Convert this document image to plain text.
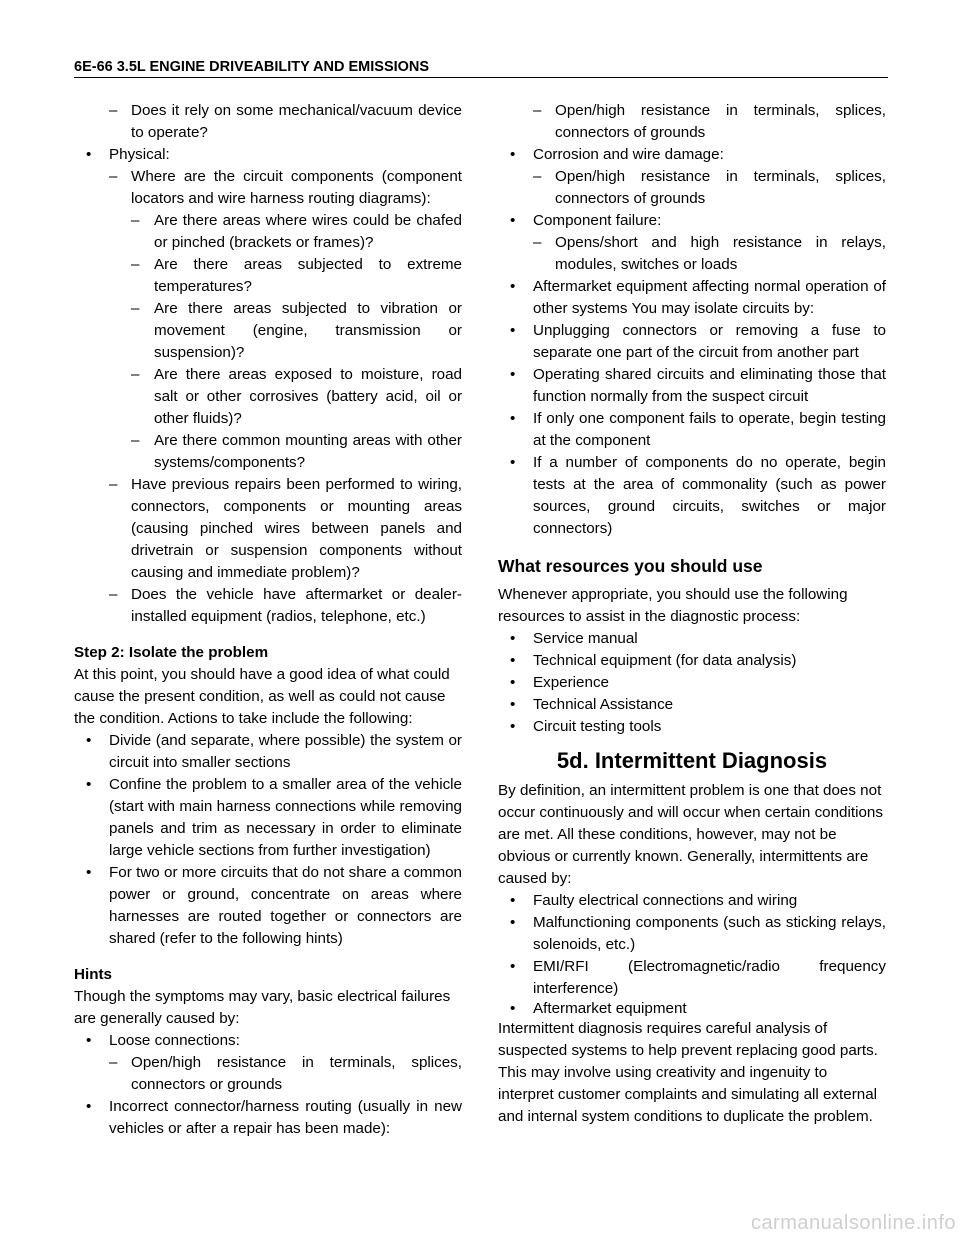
6E-66 3.5L ENGINE DRIVEABILITY AND EMISSIONS
– Does it rely on some mechanical/vacuum device to operate?
• Physical:
– Where are the circuit components (component locators and wire harness routing diagrams):
– Are there areas where wires could be chafed or pinched (brackets or frames)?
– Are there areas subjected to extreme temperatures?
– Are there areas subjected to vibration or movement (engine, transmission or suspension)?
– Are there areas exposed to moisture, road salt or other corrosives (battery acid, oil or other fluids)?
– Are there common mounting areas with other systems/components?
– Have previous repairs been performed to wiring, connectors, components or mounting areas (causing pinched wires between panels and drivetrain or suspension components without causing and immediate problem)?
– Does the vehicle have aftermarket or dealer-installed equipment (radios, telephone, etc.)

Step 2: Isolate the problem

At this point, you should have a good idea of what could cause the present condition, as well as could not cause the condition. Actions to take include the following:

• Divide (and separate, where possible) the system or circuit into smaller sections
• Confine the problem to a smaller area of the vehicle (start with main harness connections while removing panels and trim as necessary in order to eliminate large vehicle sections from further investigation)
• For two or more circuits that do not share a common power or ground, concentrate on areas where harnesses are routed together or connectors are shared (refer to the following hints)

Hints

Though the symptoms may vary, basic electrical failures are generally caused by:

• Loose connections:
– Open/high resistance in terminals, splices, connectors or grounds
• Incorrect connector/harness routing (usually in new vehicles or after a repair has been made):
– Open/high resistance in terminals, splices, connectors of grounds
• Corrosion and wire damage:
– Open/high resistance in terminals, splices, connectors of grounds
• Component failure:
– Opens/short and high resistance in relays, modules, switches or loads
• Aftermarket equipment affecting normal operation of other systems You may isolate circuits by:
• Unplugging connectors or removing a fuse to separate one part of the circuit from another part
• Operating shared circuits and eliminating those that function normally from the suspect circuit
• If only one component fails to operate, begin testing at the component
• If a number of components do no operate, begin tests at the area of commonality (such as power sources, ground circuits, switches or major connectors)

What resources you should use

Whenever appropriate, you should use the following resources to assist in the diagnostic process:

• Service manual
• Technical equipment (for data analysis)
• Experience
• Technical Assistance
• Circuit testing tools

5d. Intermittent Diagnosis

By definition, an intermittent problem is one that does not occur continuously and will occur when certain conditions are met. All these conditions, however, may not be obvious or currently known. Generally, intermittents are caused by:

• Faulty electrical connections and wiring
• Malfunctioning components (such as sticking relays, solenoids, etc.)
• EMI/RFI (Electromagnetic/radio frequency interference)
• Aftermarket equipment

Intermittent diagnosis requires careful analysis of suspected systems to help prevent replacing good parts. This may involve using creativity and ingenuity to interpret customer complaints and simulating all external and internal system conditions to duplicate the problem.

carmanualsonline.info
